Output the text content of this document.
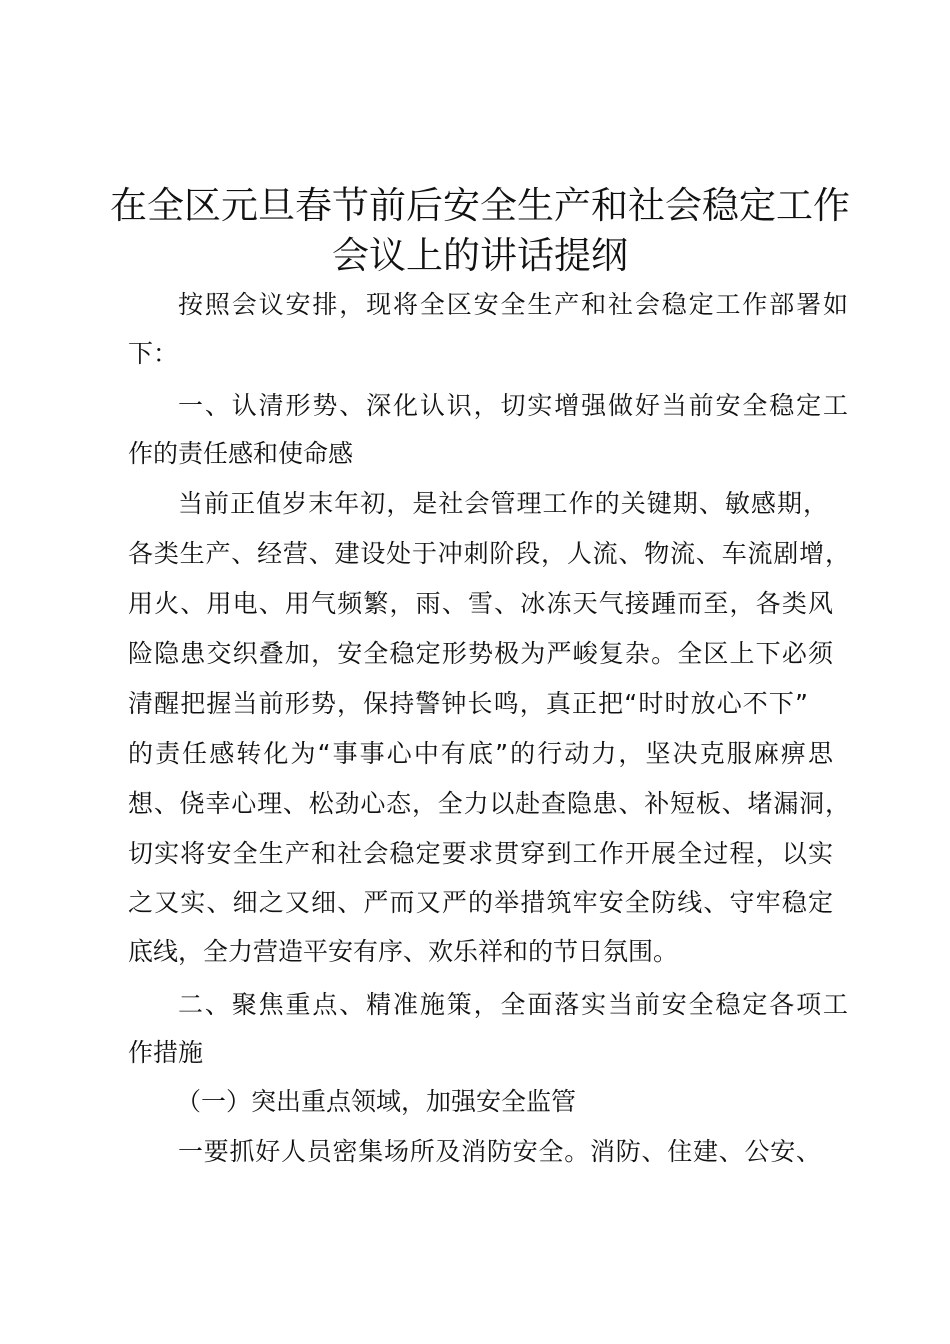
在全区元旦春节前后安全生产和社会稳定工作
会议上的讲话提纲
按照会议安排，现将全区安全生产和社会稳定工作部署如
下：
一、认清形势、深化认识，切实增强做好当前安全稳定工
作的责任感和使命感
当前正值岁末年初，是社会管理工作的关键期、敏感期，
各类生产、经营、建设处于冲刺阶段，人流、物流、车流剧增，
用火、用电、用气频繁，雨、雪、冰冻天气接踵而至，各类风
险隐患交织叠加，安全稳定形势极为严峻复杂。全区上下必须
清醒把握当前形势，保持警钟长鸣，真正把“时时放心不下”
的责任感转化为“事事心中有底”的行动力，坚决克服麻痹思
想、侥幸心理、松劲心态，全力以赴查隐患、补短板、堵漏洞，
切实将安全生产和社会稳定要求贯穿到工作开展全过程，以实
之又实、细之又细、严而又严的举措筑牢安全防线、守牢稳定
底线，全力营造平安有序、欢乐祥和的节日氛围。
二、聚焦重点、精准施策，全面落实当前安全稳定各项工
作措施
（一）突出重点领域，加强安全监管
一要抓好人员密集场所及消防安全。消防、住建、公安、
